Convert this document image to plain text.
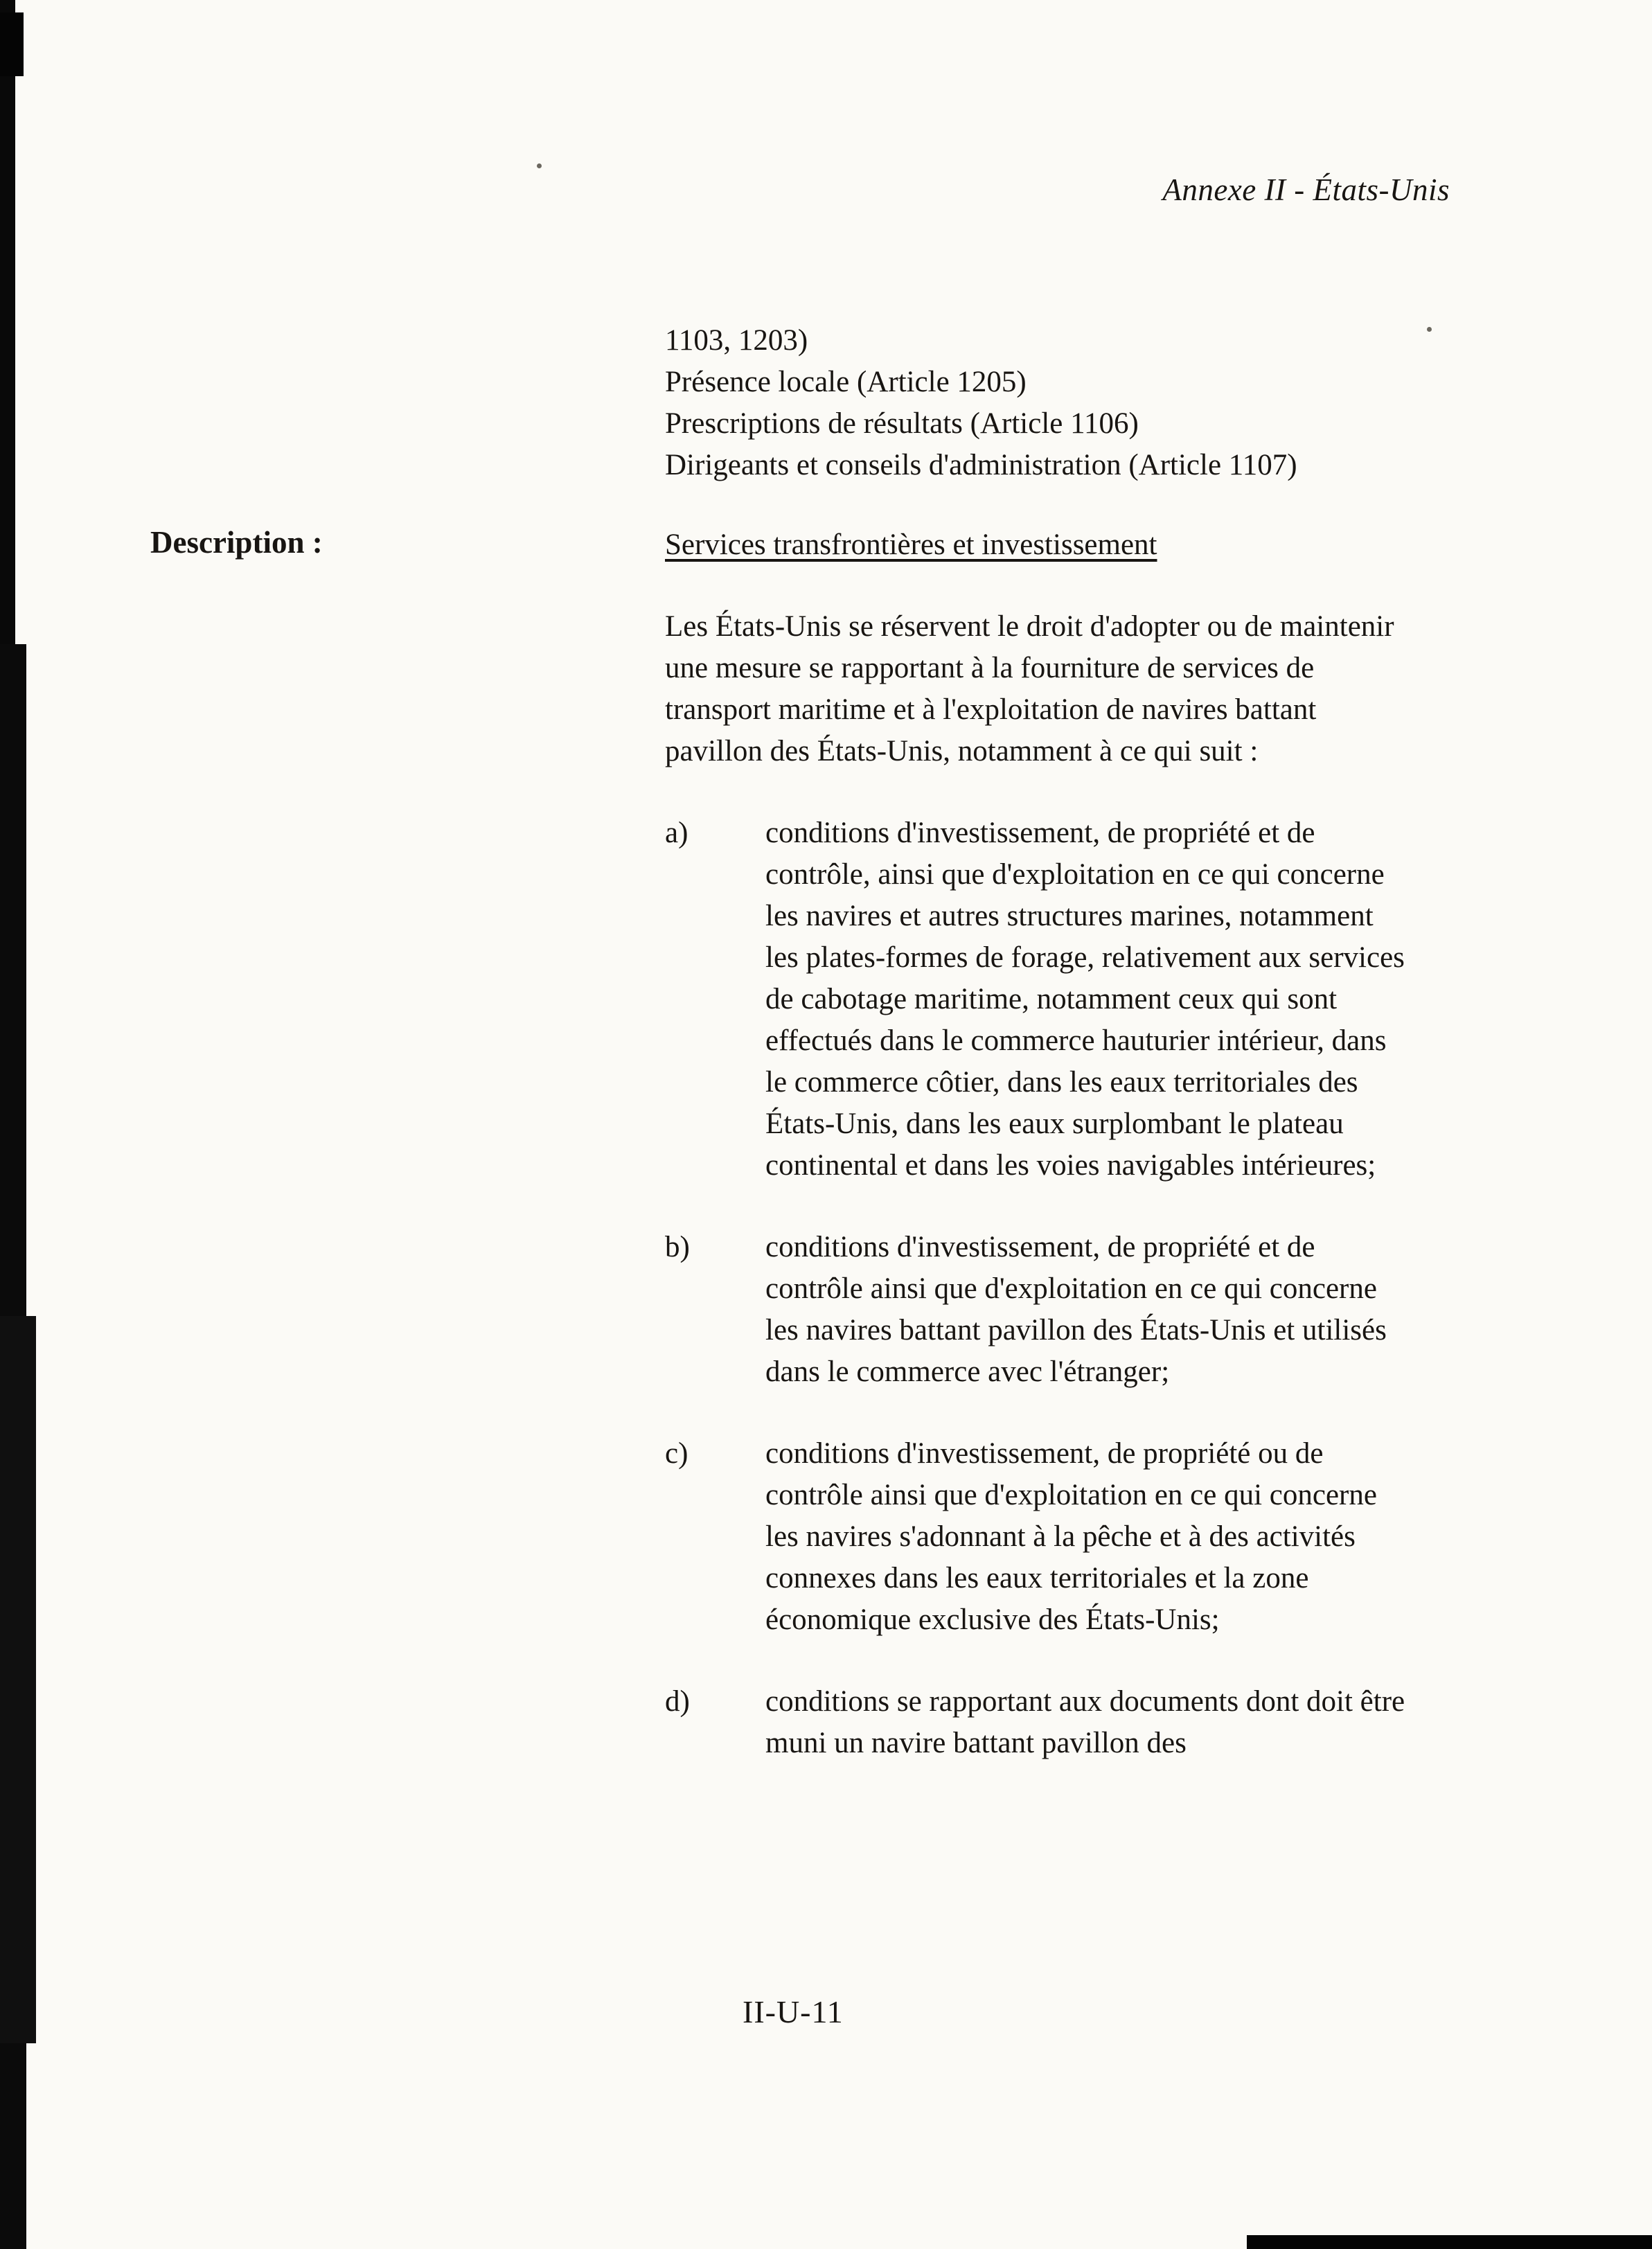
Annexe II - États-Unis
Description :
1103, 1203)
Présence locale (Article 1205)
Prescriptions de résultats (Article 1106)
Dirigeants et conseils d'administration (Article 1107)
Services transfrontières et investissement
Les États-Unis se réservent le droit d'adopter ou de maintenir une mesure se rapportant à la fourniture de services de transport maritime et à l'exploitation de navires battant pavillon des États-Unis, notamment à ce qui suit :
a)	conditions d'investissement, de propriété et de contrôle, ainsi que d'exploitation en ce qui concerne les navires et autres structures marines, notamment les plates-formes de forage, relativement aux services de cabotage maritime, notamment ceux qui sont effectués dans le commerce hauturier intérieur, dans le commerce côtier, dans les eaux territoriales des États-Unis, dans les eaux surplombant le plateau continental et dans les voies navigables intérieures;
b)	conditions d'investissement, de propriété et de contrôle ainsi que d'exploitation en ce qui concerne les navires battant pavillon des États-Unis et utilisés dans le commerce avec l'étranger;
c)	conditions d'investissement, de propriété ou de contrôle ainsi que d'exploitation en ce qui concerne les navires s'adonnant à la pêche et à des activités connexes dans les eaux territoriales et la zone économique exclusive des États-Unis;
d)	conditions se rapportant aux documents dont doit être muni un navire battant pavillon des
II-U-11
